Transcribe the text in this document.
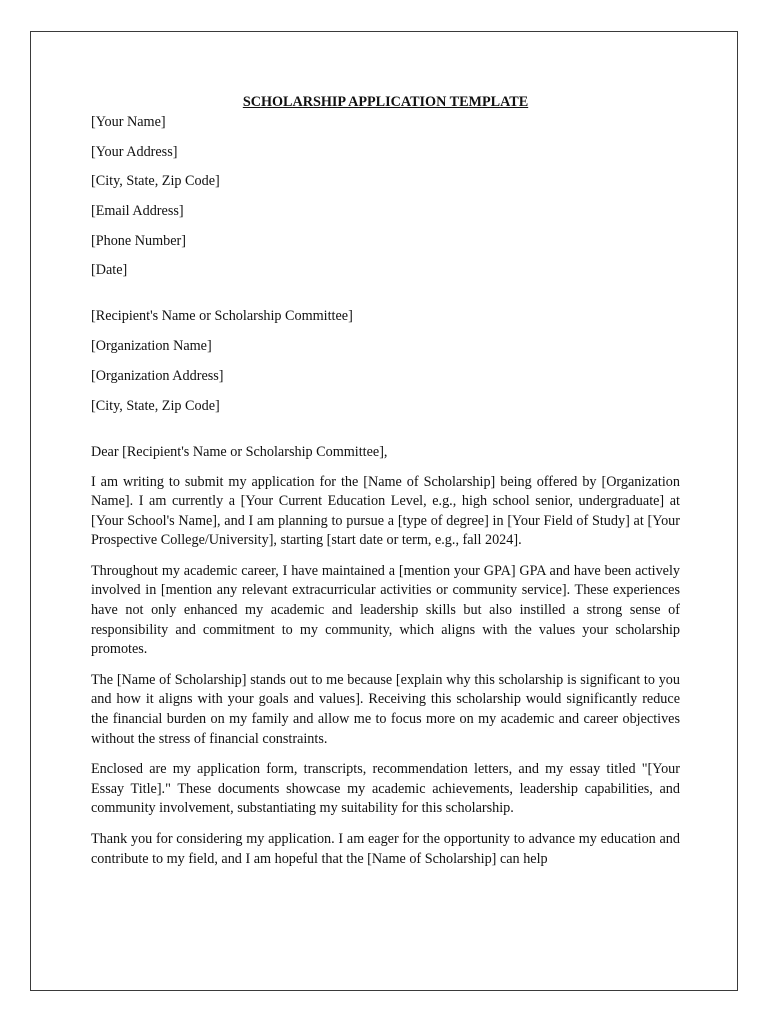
SCHOLARSHIP APPLICATION TEMPLATE

[Your Name]

[Your Address]

[City, State, Zip Code]

[Email Address]

[Phone Number]

[Date]

[Recipient's Name or Scholarship Committee]

[Organization Name]

[Organization Address]

[City, State, Zip Code]

Dear [Recipient's Name or Scholarship Committee],

I am writing to submit my application for the [Name of Scholarship] being offered by [Organization Name]. I am currently a [Your Current Education Level, e.g., high school senior, undergraduate] at [Your School's Name], and I am planning to pursue a [type of degree] in [Your Field of Study] at [Your Prospective College/University], starting [start date or term, e.g., fall 2024].

Throughout my academic career, I have maintained a [mention your GPA] GPA and have been actively involved in [mention any relevant extracurricular activities or community service]. These experiences have not only enhanced my academic and leadership skills but also instilled a strong sense of responsibility and commitment to my community, which aligns with the values your scholarship promotes.

The [Name of Scholarship] stands out to me because [explain why this scholarship is significant to you and how it aligns with your goals and values]. Receiving this scholarship would significantly reduce the financial burden on my family and allow me to focus more on my academic and career objectives without the stress of financial constraints.

Enclosed are my application form, transcripts, recommendation letters, and my essay titled "[Your Essay Title]." These documents showcase my academic achievements, leadership capabilities, and community involvement, substantiating my suitability for this scholarship.

Thank you for considering my application. I am eager for the opportunity to advance my education and contribute to my field, and I am hopeful that the [Name of Scholarship] can help
